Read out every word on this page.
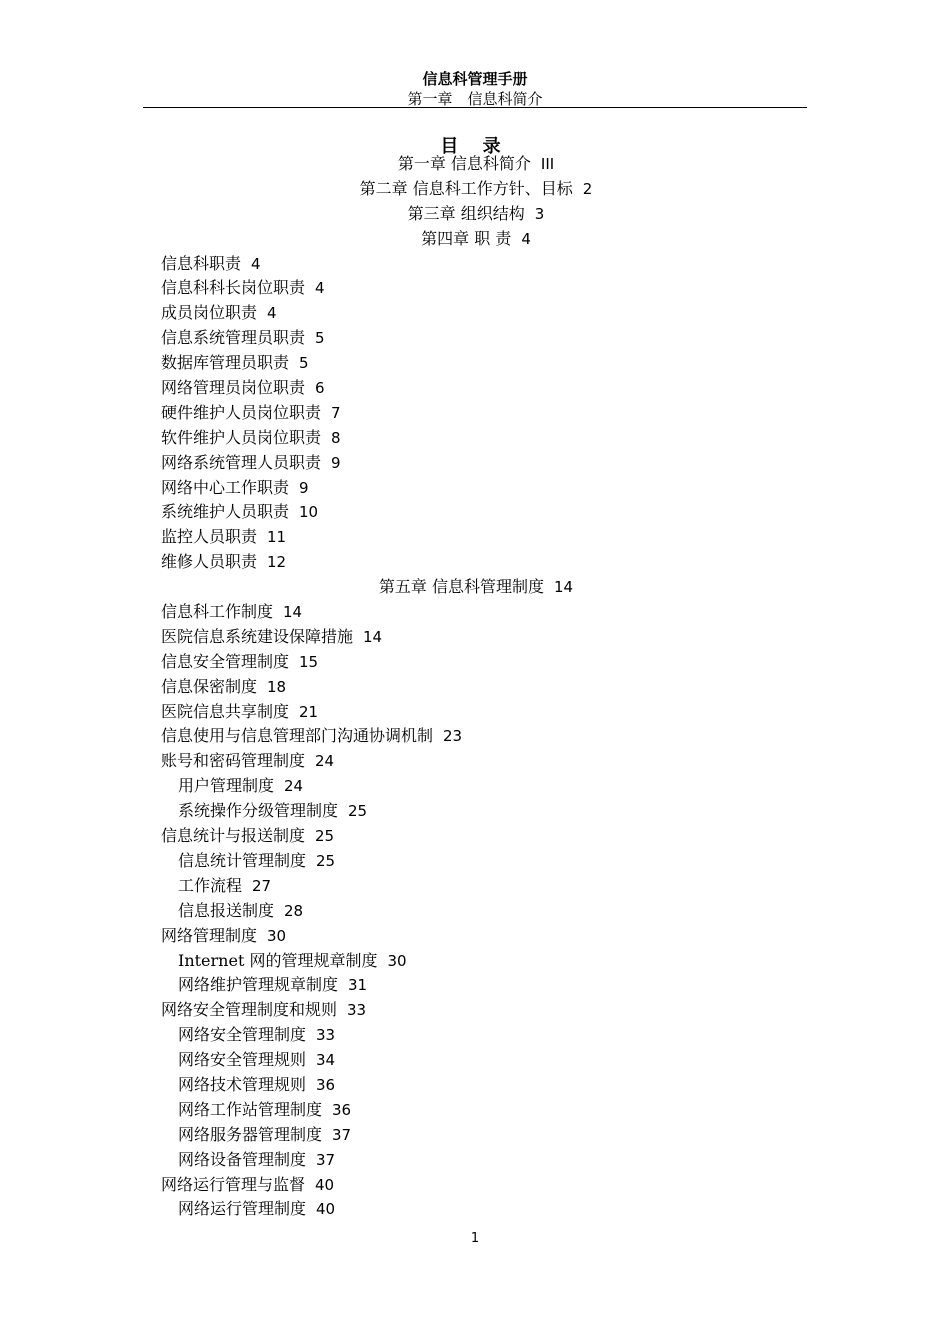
信息科管理手册
第一章　信息科简介
目 录
第一章 信息科简介 III
第二章 信息科工作方针、目标 2
第三章 组织结构 3
第四章 职 责 4
信息科职责 4
信息科科长岗位职责 4
成员岗位职责 4
信息系统管理员职责 5
数据库管理员职责 5
网络管理员岗位职责 6
硬件维护人员岗位职责 7
软件维护人员岗位职责 8
网络系统管理人员职责 9
网络中心工作职责 9
系统维护人员职责 10
监控人员职责 11
维修人员职责 12
第五章 信息科管理制度 14
信息科工作制度 14
医院信息系统建设保障措施 14
信息安全管理制度 15
信息保密制度 18
医院信息共享制度 21
信息使用与信息管理部门沟通协调机制 23
账号和密码管理制度 24
用户管理制度 24
系统操作分级管理制度 25
信息统计与报送制度 25
信息统计管理制度 25
工作流程 27
信息报送制度 28
网络管理制度 30
Internet 网的管理规章制度 30
网络维护管理规章制度 31
网络安全管理制度和规则 33
网络安全管理制度 33
网络安全管理规则 34
网络技术管理规则 36
网络工作站管理制度 36
网络服务器管理制度 37
网络设备管理制度 37
网络运行管理与监督 40
网络运行管理制度 40
1
